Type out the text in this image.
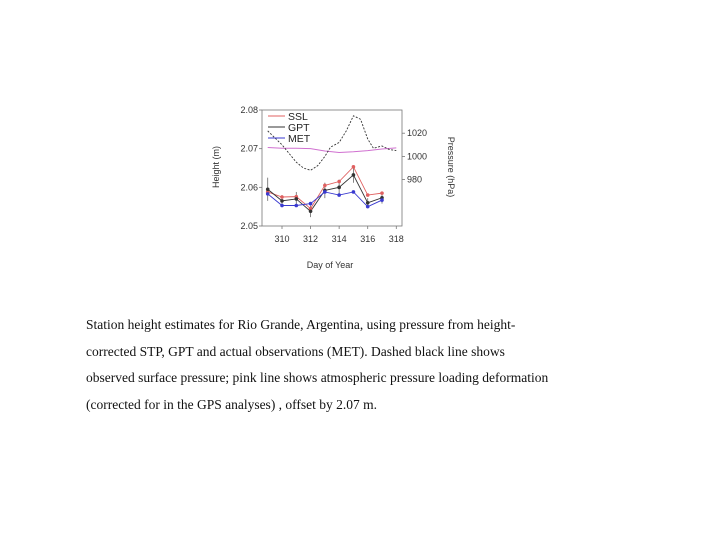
2.05
2.06
2.07
2.08
980
1000
1020
310 312 314 316 318
Height (m)	Pressure (hPa)
Day of Year
SSL
GPT
MET
Station height estimates for Rio Grande, Argentina, using pressure from height-
corrected STP, GPT and actual observations (MET). Dashed black line shows
observed surface pressure; pink line shows atmospheric pressure loading deformation
(corrected for in the GPS analyses) , offset by 2.07 m.
